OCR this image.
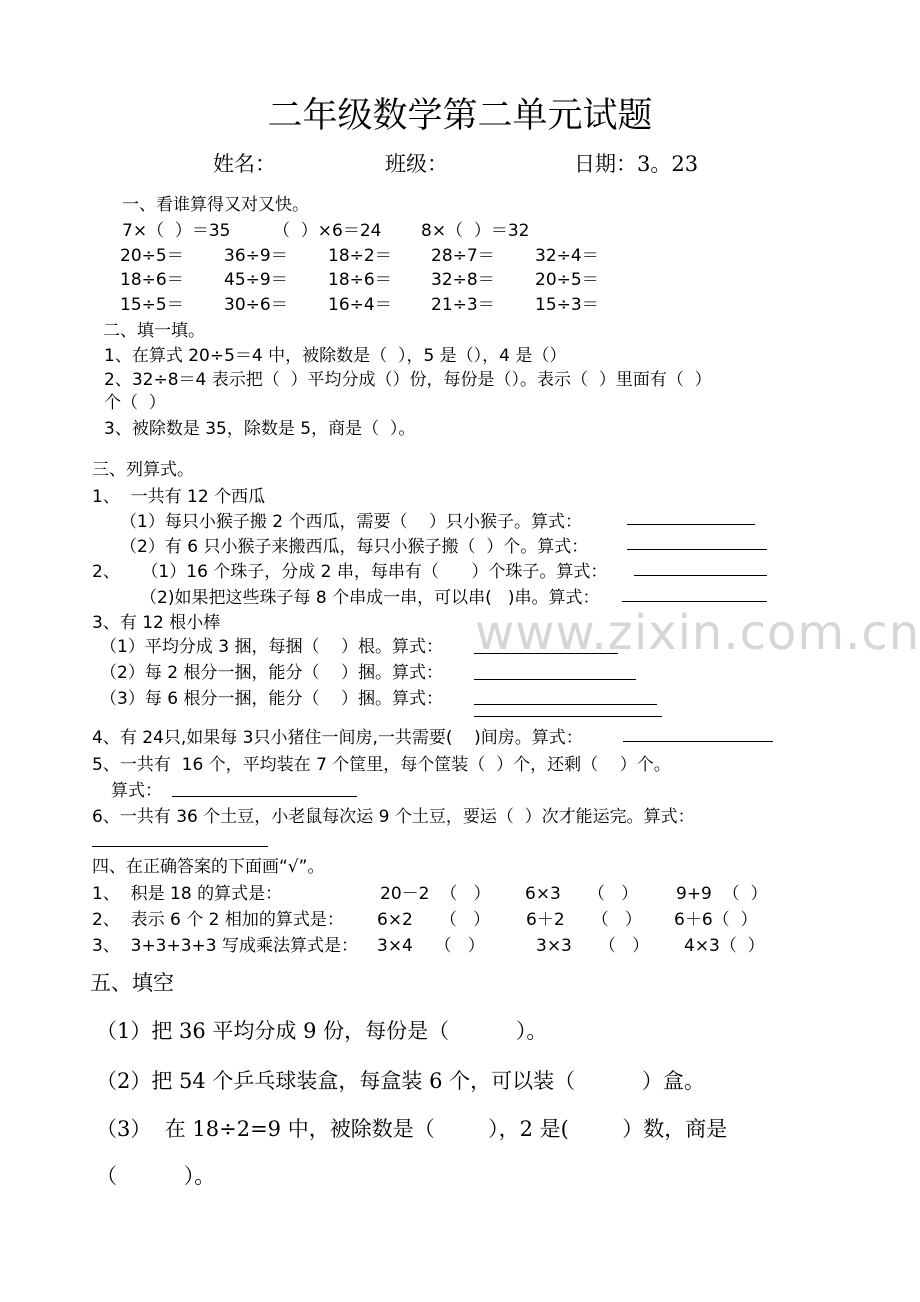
二年级数学第二单元试题
姓名：	班级：	日期：3。23
一、看谁算得又对又快。
7×（  ）＝35	（  ）×6＝24 8×（  ）＝32
20÷5＝ 36÷9＝ 18÷2＝ 28÷7＝ 32÷4＝
18÷6＝ 45÷9＝ 18÷6＝ 32÷8＝ 20÷5＝
15÷5＝ 30÷6＝ 16÷4＝ 21÷3＝ 15÷3＝
二、填一填。
1、在算式 20÷5＝4 中，被除数是（  ），5 是（），4 是（）
2、32÷8＝4 表示把（  ）平均分成（）份，每份是（）。表示（  ）里面有（  ）
个（  ）
3、被除数是 35，除数是 5，商是（  ）。
三、列算式。
1、  一共有 12 个西瓜
（1）每只小猴子搬 2 个西瓜，需要（    ）只小猴子。算式：
（2）有 6 只小猴子来搬西瓜，每只小猴子搬（  ）个。算式：
2、    （1）16 个珠子，分成 2 串，每串有（      ）个珠子。算式：
（2)如果把这些珠子每 8 个串成一串，可以串(   )串。算式：
3、有 12 根小棒
（1）平均分成 3 捆，每捆（    ）根。算式：
（2）每 2 根分一捆，能分（    ）捆。算式：
（3）每 6 根分一捆，能分（    ）捆。算式：
4、有 24只,如果每 3只小猪住一间房,一共需要(    )间房。算式：
5、一共有  16 个，平均装在 7 个筐里，每个筐装（  ）个，还剩（    ）个。
算式：
6、一共有 36 个土豆，小老鼠每次运 9 个土豆，要运（  ）次才能运完。算式：
四、在正确答案的下面画“√”。
1、  积是 18 的算式是：	20－2  （   ） 6×3     （   ） 9+9  （  ）
2、  表示 6 个 2 相加的算式是： 6×2     （   ） 6＋2     （   ） 6＋6（  ）
3、  3+3+3+3 写成乘法算式是： 3×4    （   ）	3×3     （   ） 4×3（  ）
五、填空
（1）把 36 平均分成 9 份，每份是（          ）。
（2）把 54 个乒乓球装盒，每盒装 6 个，可以装（          ）盒。
（3）  在 18÷2=9 中，被除数是（        ），2 是(        ）数，商是
（          ）。
www.zixin.com.cn
